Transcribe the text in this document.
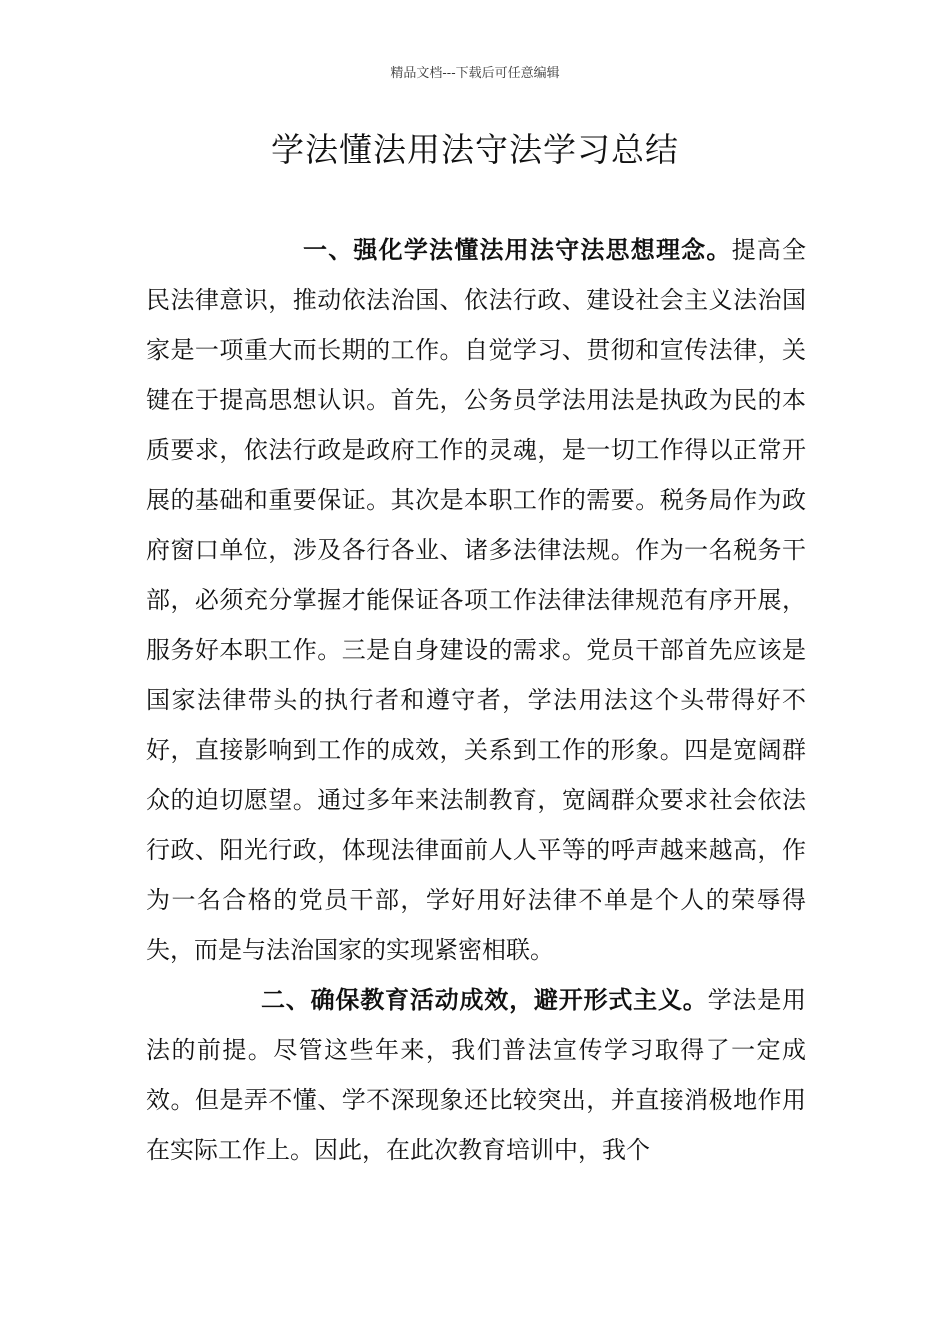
精品文档---下载后可任意编辑
学法懂法用法守法学习总结

一、强化学法懂法用法守法思想理念。提高全民法律意识，推动依法治国、依法行政、建设社会主义法治国家是一项重大而长期的工作。自觉学习、贯彻和宣传法律，关键在于提高思想认识。首先，公务员学法用法是执政为民的本质要求，依法行政是政府工作的灵魂，是一切工作得以正常开展的基础和重要保证。其次是本职工作的需要。税务局作为政府窗口单位，涉及各行各业、诸多法律法规。作为一名税务干部，必须充分掌握才能保证各项工作法律法律规范有序开展，服务好本职工作。三是自身建设的需求。党员干部首先应该是国家法律带头的执行者和遵守者，学法用法这个头带得好不好，直接影响到工作的成效，关系到工作的形象。四是宽阔群众的迫切愿望。通过多年来法制教育，宽阔群众要求社会依法行政、阳光行政，体现法律面前人人平等的呼声越来越高，作为一名合格的党员干部，学好用好法律不单是个人的荣辱得失，而是与法治国家的实现紧密相联。

二、确保教育活动成效，避开形式主义。学法是用法的前提。尽管这些年来，我们普法宣传学习取得了一定成效。但是弄不懂、学不深现象还比较突出，并直接消极地作用在实际工作上。因此，在此次教育培训中，我个
